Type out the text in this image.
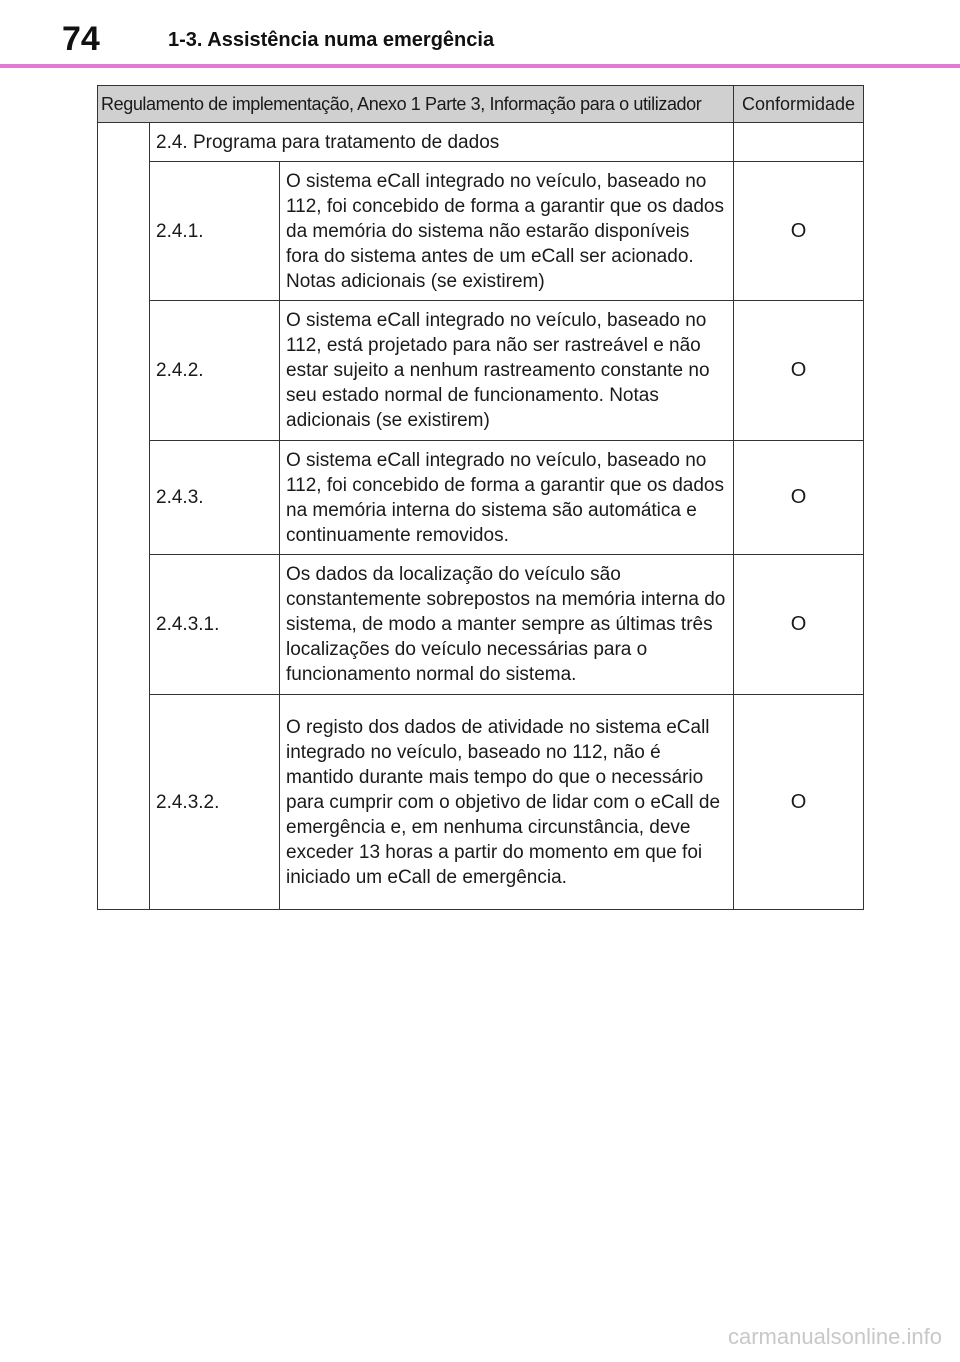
74	1-3. Assistência numa emergência
Regulamento de implementação, Anexo 1 Parte 3, Informação para o utilizador			Conformidade
	2.4. Programa para tratamento de dados		
	2.4.1.	O sistema eCall integrado no veículo, baseado no 112, foi concebido de forma a garantir que os dados da memória do sistema não estarão disponíveis fora do sistema antes de um eCall ser acionado. Notas adicionais (se existirem)	O
	2.4.2.	O sistema eCall integrado no veículo, baseado no 112, está projetado para não ser rastreável e não estar sujeito a nenhum rastreamento constante no seu estado normal de funcionamento. Notas adicionais (se existirem)	O
	2.4.3.	O sistema eCall integrado no veículo, baseado no 112, foi concebido de forma a garantir que os dados na memória interna do sistema são automática e continuamente removidos.	O
	2.4.3.1.	Os dados da localização do veículo são constantemente sobrepostos na memória interna do sistema, de modo a manter sempre as últimas três localizações do veículo necessárias para o funcionamento normal do sistema.	O
	2.4.3.2.	O registo dos dados de atividade no sistema eCall integrado no veículo, baseado no 112, não é mantido durante mais tempo do que o necessário para cumprir com o objetivo de lidar com o eCall de emergência e, em nenhuma circunstância, deve exceder 13 horas a partir do momento em que foi iniciado um eCall de emergência.	O
carmanualsonline.info
